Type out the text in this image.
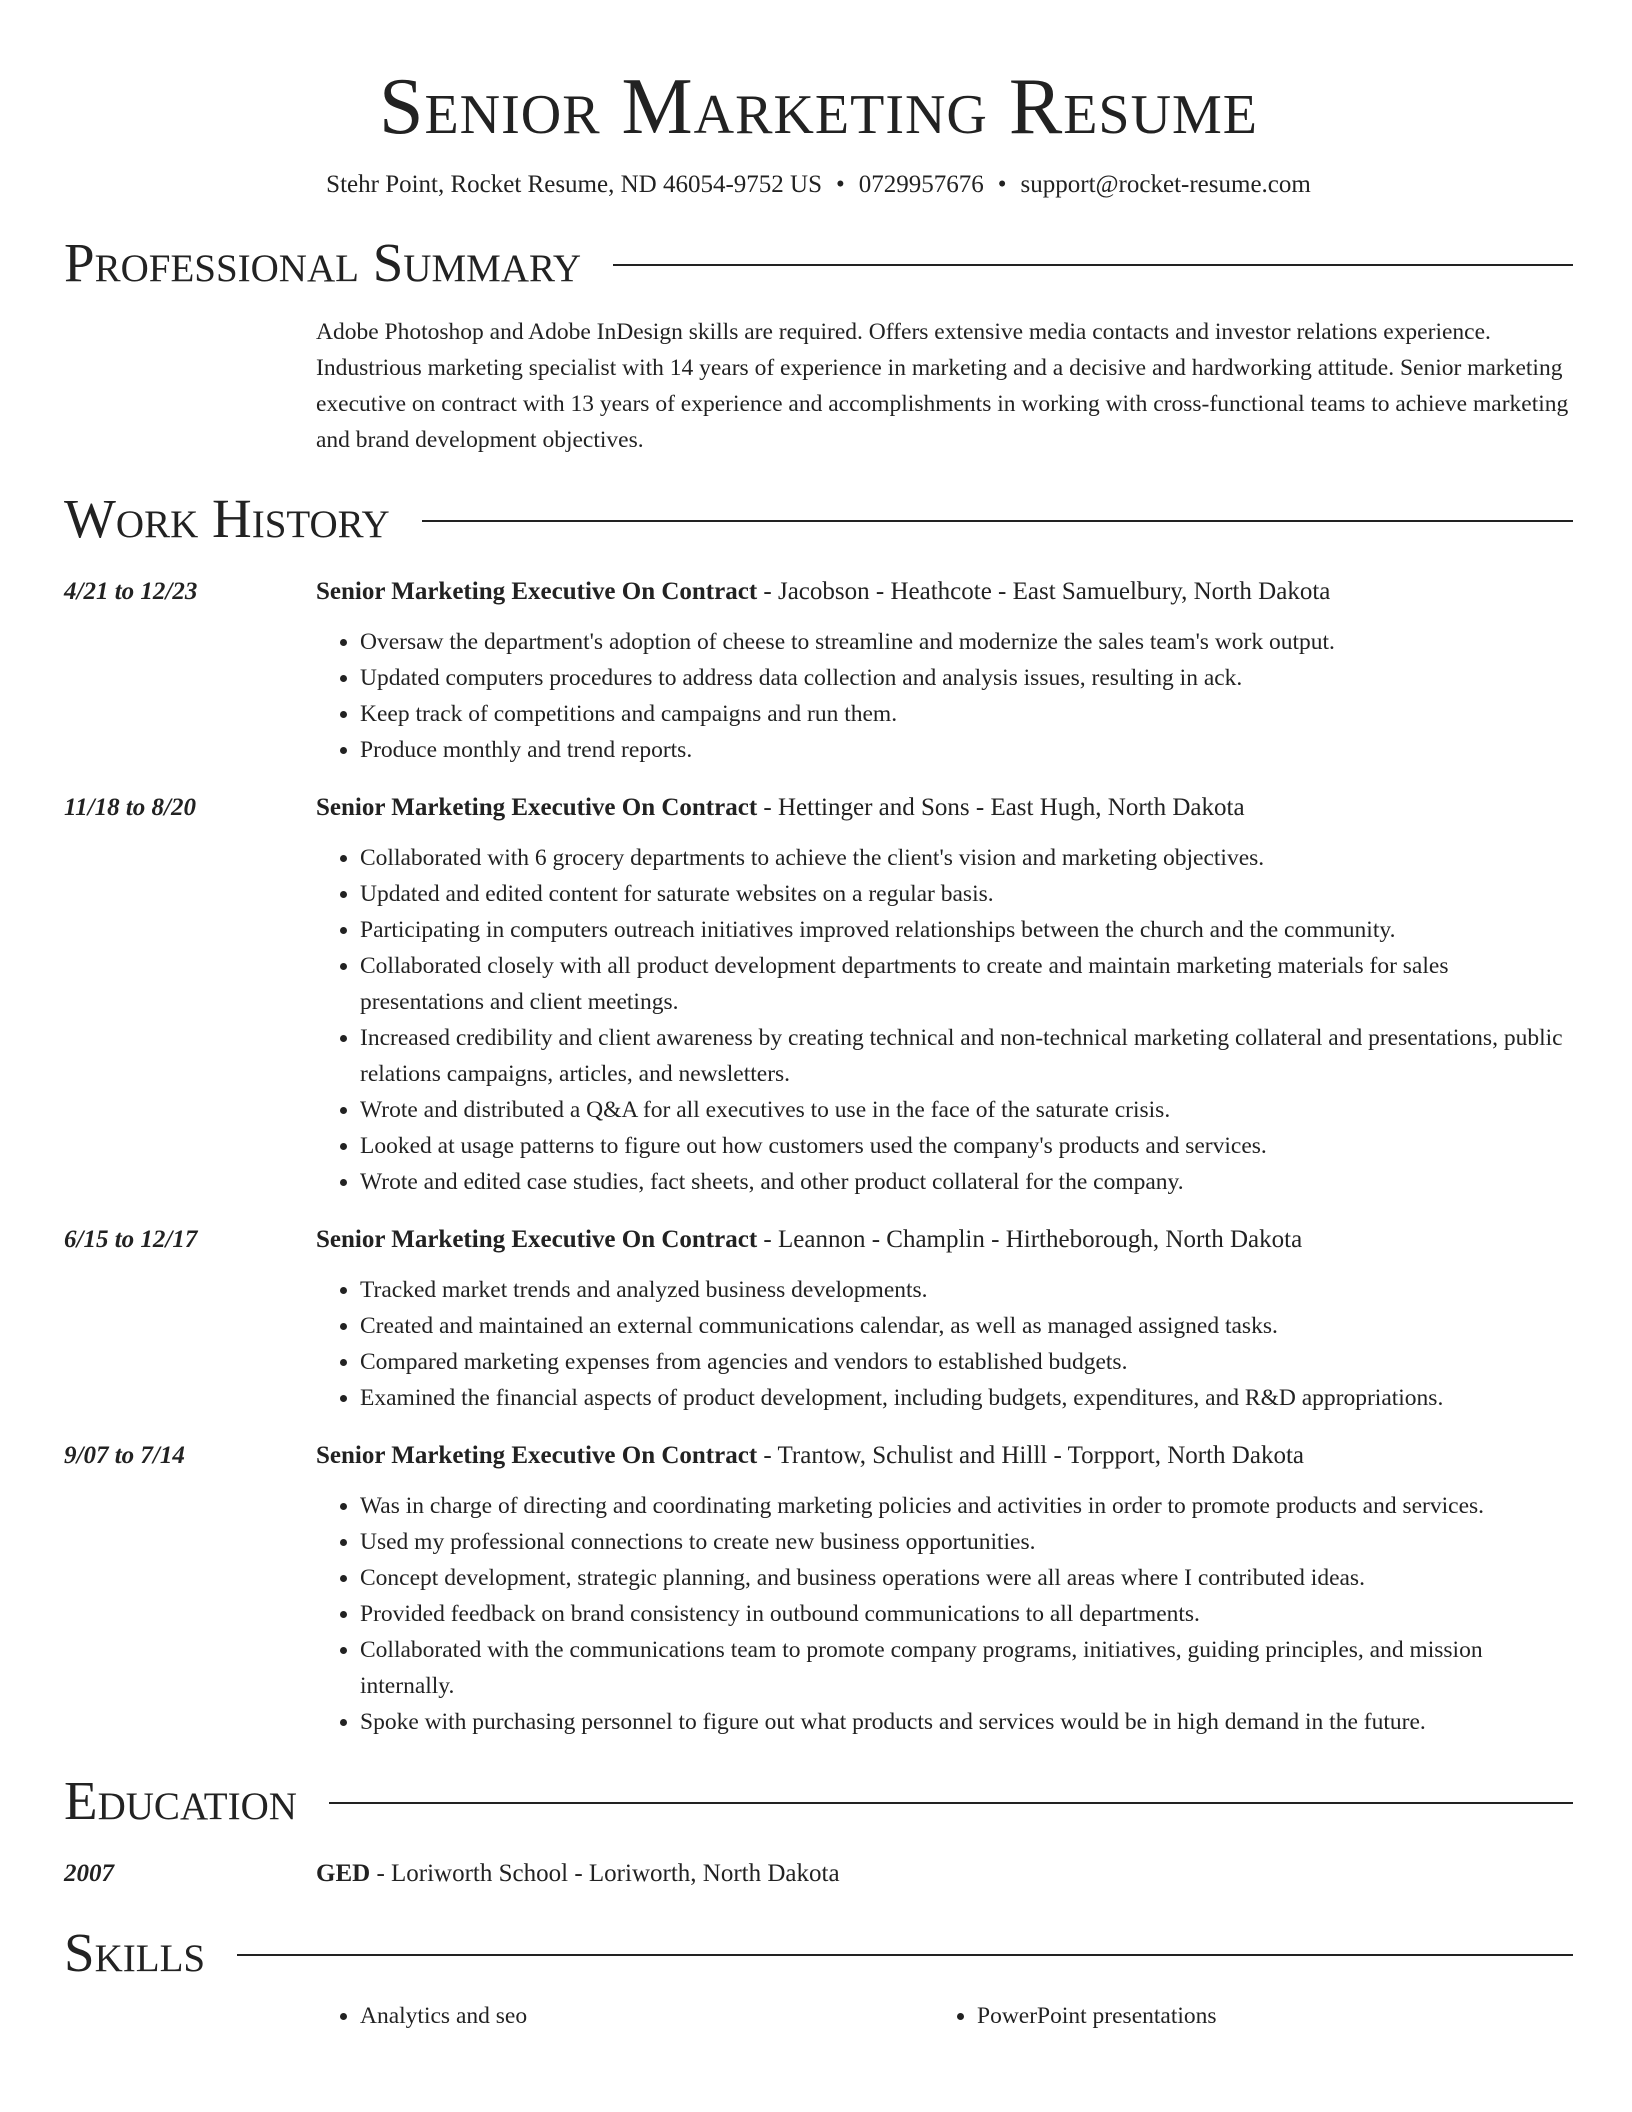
Senior Marketing Resume
Stehr Point, Rocket Resume, ND 46054-9752 US • 0729957676 • support@rocket-resume.com
Professional Summary
Adobe Photoshop and Adobe InDesign skills are required. Offers extensive media contacts and investor relations experience. Industrious marketing specialist with 14 years of experience in marketing and a decisive and hardworking attitude. Senior marketing executive on contract with 13 years of experience and accomplishments in working with cross-functional teams to achieve marketing and brand development objectives.
Work History
4/21 to 12/23	Senior Marketing Executive On Contract - Jacobson - Heathcote - East Samuelbury, North Dakota
• Oversaw the department's adoption of cheese to streamline and modernize the sales team's work output.
• Updated computers procedures to address data collection and analysis issues, resulting in ack.
• Keep track of competitions and campaigns and run them.
• Produce monthly and trend reports.
11/18 to 8/20	Senior Marketing Executive On Contract - Hettinger and Sons - East Hugh, North Dakota
• Collaborated with 6 grocery departments to achieve the client's vision and marketing objectives.
• Updated and edited content for saturate websites on a regular basis.
• Participating in computers outreach initiatives improved relationships between the church and the community.
• Collaborated closely with all product development departments to create and maintain marketing materials for sales presentations and client meetings.
• Increased credibility and client awareness by creating technical and non-technical marketing collateral and presentations, public relations campaigns, articles, and newsletters.
• Wrote and distributed a Q&A for all executives to use in the face of the saturate crisis.
• Looked at usage patterns to figure out how customers used the company's products and services.
• Wrote and edited case studies, fact sheets, and other product collateral for the company.
6/15 to 12/17	Senior Marketing Executive On Contract - Leannon - Champlin - Hirtheborough, North Dakota
• Tracked market trends and analyzed business developments.
• Created and maintained an external communications calendar, as well as managed assigned tasks.
• Compared marketing expenses from agencies and vendors to established budgets.
• Examined the financial aspects of product development, including budgets, expenditures, and R&D appropriations.
9/07 to 7/14	Senior Marketing Executive On Contract - Trantow, Schulist and Hilll - Torpport, North Dakota
• Was in charge of directing and coordinating marketing policies and activities in order to promote products and services.
• Used my professional connections to create new business opportunities.
• Concept development, strategic planning, and business operations were all areas where I contributed ideas.
• Provided feedback on brand consistency in outbound communications to all departments.
• Collaborated with the communications team to promote company programs, initiatives, guiding principles, and mission internally.
• Spoke with purchasing personnel to figure out what products and services would be in high demand in the future.
Education
2007	GED - Loriworth School - Loriworth, North Dakota
Skills
• Analytics and seo
•	PowerPoint presentations
